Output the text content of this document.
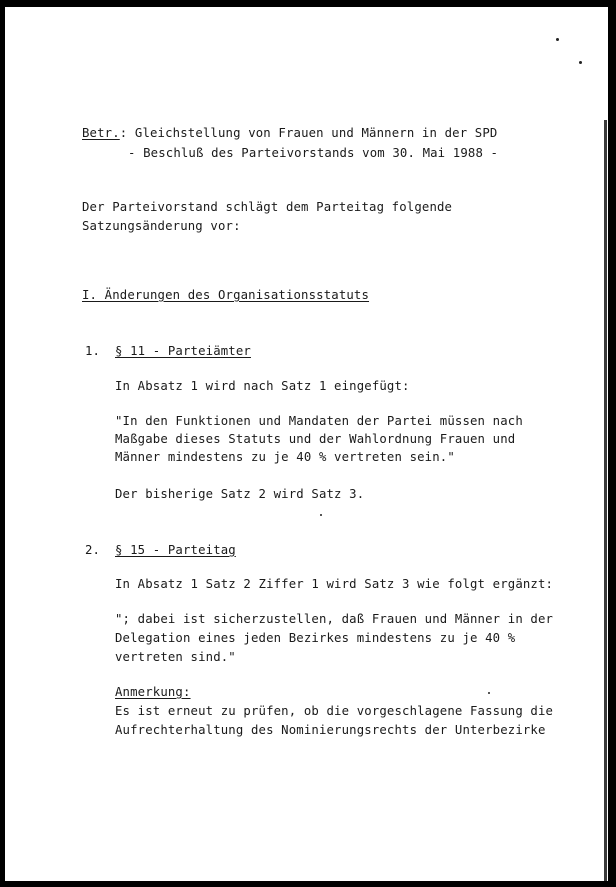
Betr.: Gleichstellung von Frauen und Männern in der SPD
- Beschluß des Parteivorstands vom 30. Mai 1988 -
Der Parteivorstand schlägt dem Parteitag folgende
Satzungsänderung vor:
I. Änderungen des Organisationsstatuts
1. § 11 - Parteiämter
In Absatz 1 wird nach Satz 1 eingefügt:
"In den Funktionen und Mandaten der Partei müssen nach
Maßgabe dieses Statuts und der Wahlordnung Frauen und
Männer mindestens zu je 40 % vertreten sein."
Der bisherige Satz 2 wird Satz 3.
2. § 15 - Parteitag
In Absatz 1 Satz 2 Ziffer 1 wird Satz 3 wie folgt ergänzt:
"; dabei ist sicherzustellen, daß Frauen und Männer in der
Delegation eines jeden Bezirkes mindestens zu je 40 %
vertreten sind."
Anmerkung:
Es ist erneut zu prüfen, ob die vorgeschlagene Fassung die
Aufrechterhaltung des Nominierungsrechts der Unterbezirke
